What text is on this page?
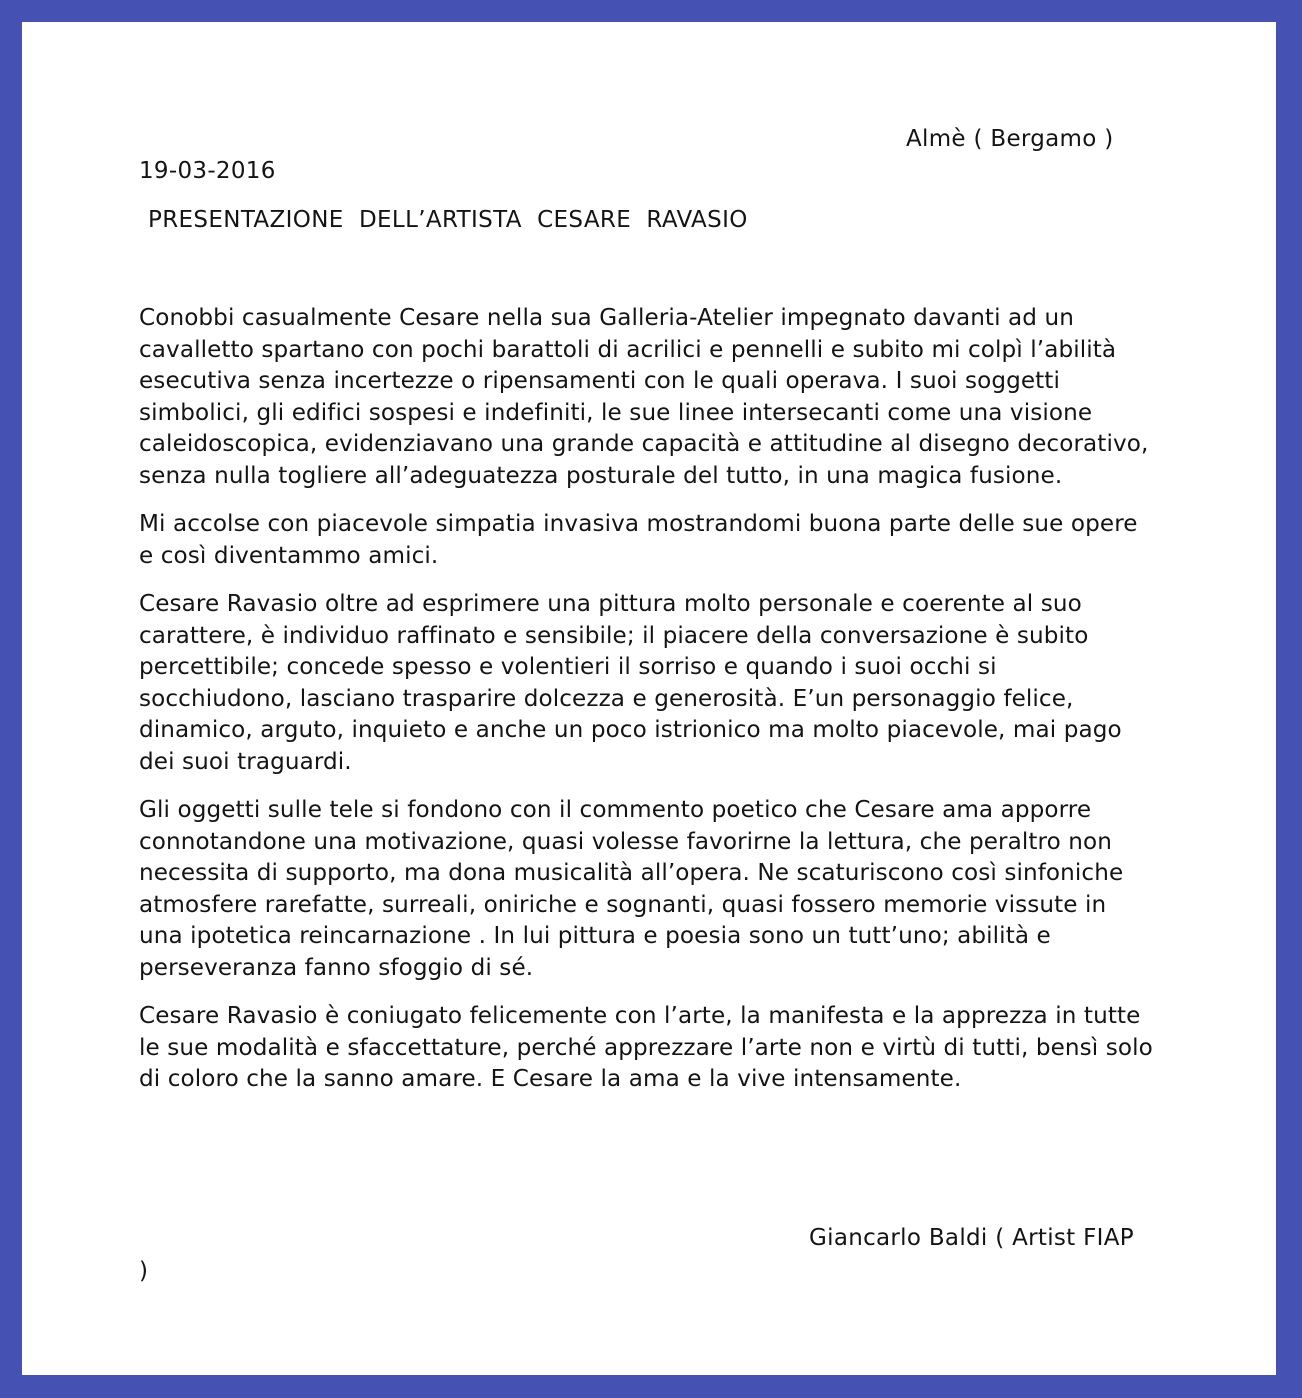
Almè ( Bergamo )
19-03-2016
PRESENTAZIONE  DELL’ARTISTA  CESARE  RAVASIO

Conobbi casualmente Cesare nella sua Galleria-Atelier impegnato davanti ad un cavalletto spartano con pochi barattoli di acrilici e pennelli e subito mi colpì l’abilità esecutiva senza incertezze o ripensamenti con le quali operava. I suoi soggetti simbolici, gli edifici sospesi e indefiniti, le sue linee intersecanti come una visione caleidoscopica, evidenziavano una grande capacità e attitudine al disegno decorativo, senza nulla togliere all’adeguatezza posturale del tutto, in una magica fusione.

Mi accolse con piacevole simpatia invasiva mostrandomi buona parte delle sue opere e così diventammo amici.

Cesare Ravasio oltre ad esprimere una pittura molto personale e coerente al suo carattere, è individuo raffinato e sensibile; il piacere della conversazione è subito percettibile; concede spesso e volentieri il sorriso e quando i suoi occhi si socchiudono, lasciano trasparire dolcezza e generosità. E’un personaggio felice, dinamico, arguto, inquieto e anche un poco istrionico ma molto piacevole, mai pago dei suoi traguardi.

Gli oggetti sulle tele si fondono con il commento poetico che Cesare ama apporre connotandone una motivazione, quasi volesse favorirne la lettura, che peraltro non necessita di supporto, ma dona musicalità all’opera. Ne scaturiscono così sinfoniche atmosfere rarefatte, surreali, oniriche e sognanti, quasi fossero memorie vissute in una ipotetica reincarnazione . In lui pittura e poesia sono un tutt’uno; abilità e perseveranza fanno sfoggio di sé.

Cesare Ravasio è coniugato felicemente con l’arte, la manifesta e la apprezza in tutte le sue modalità e sfaccettature, perché apprezzare l’arte non e virtù di tutti, bensì solo di coloro che la sanno amare. E Cesare la ama e la vive intensamente.

Giancarlo Baldi ( Artist FIAP
)
